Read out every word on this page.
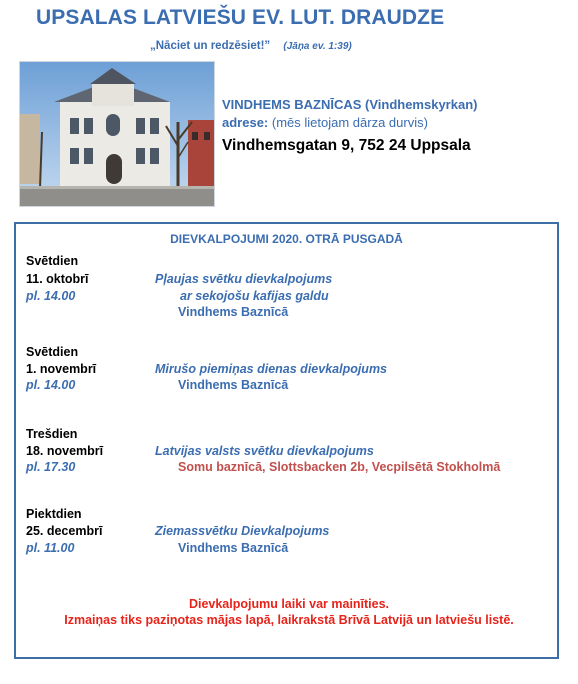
UPSALAS LATVIEŠU EV. LUT. DRAUDZE
„Nāciet un redzēsiet!” (Jāņa ev. 1:39)
VINDHEMS BAZNĪCAS (Vindhemskyrkan)
adrese: (mēs lietojam dārza durvis)
Vindhemsgatan 9, 752 24 Uppsala
DIEVKALPOJUMI 2020. OTRĀ PUSGADĀ
Svētdien
11. oktobrī
pl. 14.00
Pļaujas svētku dievkalpojums
ar sekojošu kafijas galdu
Vindhems Baznīcā
Svētdien
1. novembrī
pl. 14.00
Mirušo piemiņas dienas dievkalpojums
Vindhems Baznīcā
Trešdien
18. novembrī
pl. 17.30
Latvijas valsts svētku dievkalpojums
Somu baznīcā, Slottsbacken 2b, Vecpilsētā Stokholmā
Piektdien
25. decembrī
pl. 11.00
Ziemassvētku Dievkalpojums
Vindhems Baznīcā
Dievkalpojumu laiki var mainīties.
Izmaiņas tiks paziņotas mājas lapā, laikrakstā Brīvā Latvijā un latviešu listē.
